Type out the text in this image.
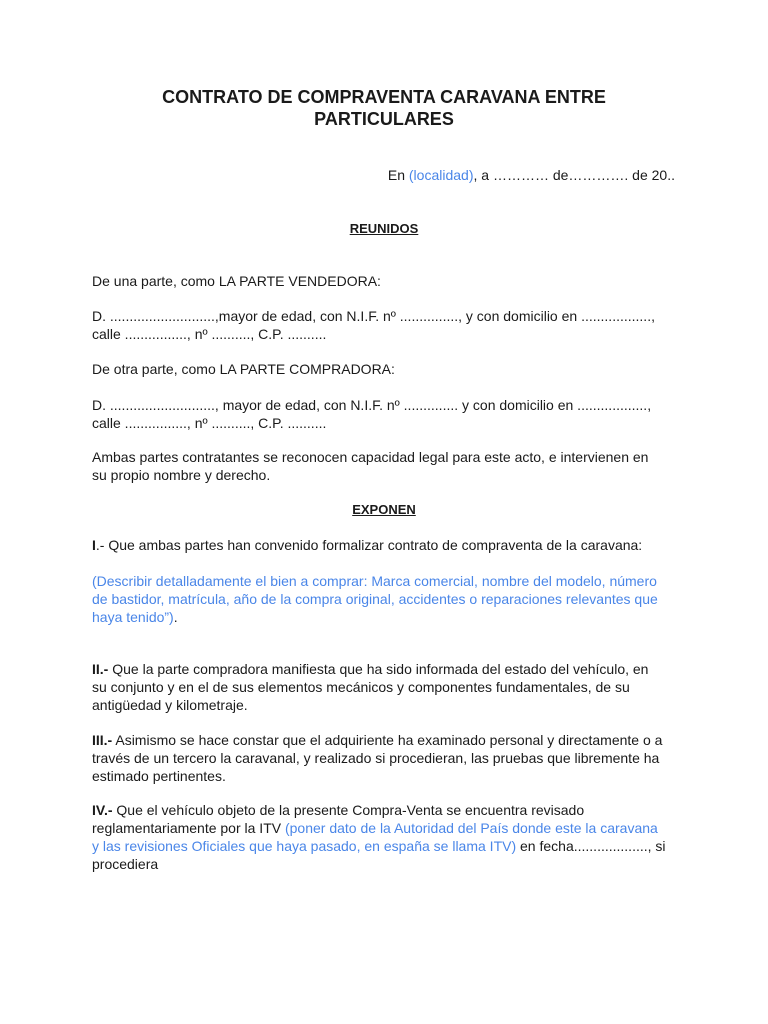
CONTRATO DE COMPRAVENTA CARAVANA ENTRE
PARTICULARES
En (localidad), a ………… de…………. de 20..
REUNIDOS
De una parte, como LA PARTE VENDEDORA:
D. ...........................,mayor de edad, con N.I.F. nº ..............., y con domicilio en ..................,
calle ................, nº .........., C.P. ..........
De otra parte, como LA PARTE COMPRADORA:
D. ..........................., mayor de edad, con N.I.F. nº .............. y con domicilio en ..................,
calle ................, nº .........., C.P. ..........
Ambas partes contratantes se reconocen capacidad legal para este acto, e intervienen en
su propio nombre y derecho.
EXPONEN
I.- Que ambas partes han convenido formalizar contrato de compraventa de la caravana:
(Describir detalladamente el bien a comprar: Marca comercial, nombre del modelo, número
de bastidor, matrícula, año de la compra original, accidentes o reparaciones relevantes que
haya tenido”).
II.- Que la parte compradora manifiesta que ha sido informada del estado del vehículo, en
su conjunto y en el de sus elementos mecánicos y componentes fundamentales, de su
antigüedad y kilometraje.
III.- Asimismo se hace constar que el adquiriente ha examinado personal y directamente o a
través de un tercero la caravanal, y realizado si procedieran, las pruebas que libremente ha
estimado pertinentes.
IV.- Que el vehículo objeto de la presente Compra-Venta se encuentra revisado
reglamentariamente por la ITV (poner dato de la Autoridad del País donde este la caravana
y las revisiones Oficiales que haya pasado, en españa se llama ITV) en fecha..................., si
procediera
